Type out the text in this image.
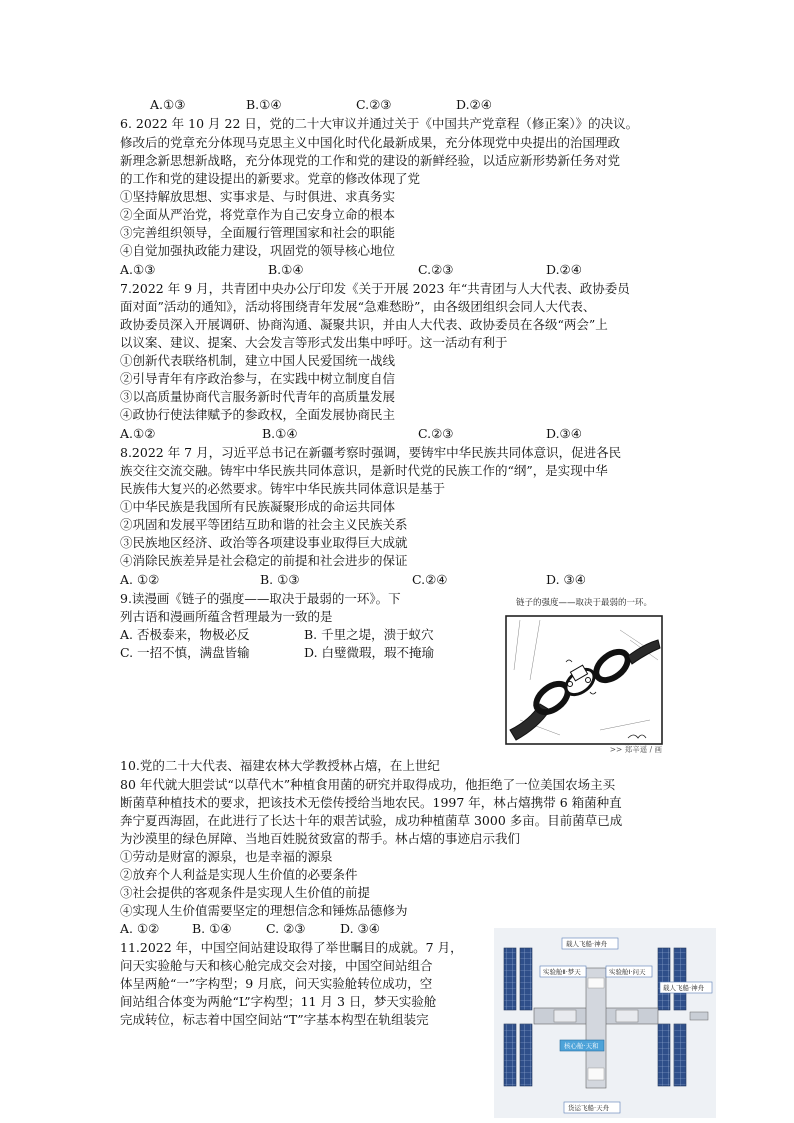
A.①③	B.①④	C.②③	D.②④
6. 2022 年 10 月 22 日，党的二十大审议并通过关于《中国共产党章程（修正案）》的决议。
修改后的党章充分体现马克思主义中国化时代化最新成果，充分体现党中央提出的治国理政
新理念新思想新战略，充分体现党的工作和党的建设的新鲜经验，以适应新形势新任务对党
的工作和党的建设提出的新要求。党章的修改体现了党
①坚持解放思想、实事求是、与时俱进、求真务实
②全面从严治党，将党章作为自己安身立命的根本
③完善组织领导，全面履行管理国家和社会的职能
④自觉加强执政能力建设，巩固党的领导核心地位
A.①③	B.①④	C.②③	D.②④
7.2022 年 9 月，共青团中央办公厅印发《关于开展 2023 年“共青团与人大代表、政协委员
面对面”活动的通知》，活动将围绕青年发展“急难愁盼”，由各级团组织会同人大代表、
政协委员深入开展调研、协商沟通、凝聚共识，并由人大代表、政协委员在各级“两会”上
以议案、建议、提案、大会发言等形式发出集中呼吁。这一活动有利于
①创新代表联络机制，建立中国人民爱国统一战线
②引导青年有序政治参与，在实践中树立制度自信
③以高质量协商代言服务新时代青年的高质量发展
④政协行使法律赋予的参政权，全面发展协商民主
A.①②	B.①④	C.②③	D.③④
8.2022 年 7 月，习近平总书记在新疆考察时强调，要铸牢中华民族共同体意识，促进各民
族交往交流交融。铸牢中华民族共同体意识，是新时代党的民族工作的“纲”，是实现中华
民族伟大复兴的必然要求。铸牢中华民族共同体意识是基于
①中华民族是我国所有民族凝聚形成的命运共同体
②巩固和发展平等团结互助和谐的社会主义民族关系
③民族地区经济、政治等各项建设事业取得巨大成就
④消除民族差异是社会稳定的前提和社会进步的保证
A. ①②	B. ①③	C.②④	D. ③④
9.读漫画《链子的强度——取决于最弱的一环》。下
列古语和漫画所蕴含哲理最为一致的是
A. 否极泰来，物极必反	B. 千里之堤，溃于蚁穴
C. 一招不慎，满盘皆输	D. 白璧微瑕，瑕不掩瑜
链子的强度——取决于最弱的一环。
>> 郑辛遥 / 画
10.党的二十大代表、福建农林大学教授林占熺，在上世纪
80 年代就大胆尝试“以草代木”种植食用菌的研究并取得成功，他拒绝了一位美国农场主买
断菌草种植技术的要求，把该技术无偿传授给当地农民。1997 年，林占熺携带 6 箱菌种直
奔宁夏西海固，在此进行了长达十年的艰苦试验，成功种植菌草 3000 多亩。目前菌草已成
为沙漠里的绿色屏障、当地百姓脱贫致富的帮手。林占熺的事迹启示我们
①劳动是财富的源泉，也是幸福的源泉
②放弃个人利益是实现人生价值的必要条件
③社会提供的客观条件是实现人生价值的前提
④实现人生价值需要坚定的理想信念和锤炼品德修为
A. ①②	B. ①④	C. ②③	D. ③④
11.2022 年，中国空间站建设取得了举世瞩目的成就。7 月，
问天实验舱与天和核心舱完成交会对接，中国空间站组合
体呈两舱“一”字构型；9 月底，问天实验舱转位成功，空
间站组合体变为两舱“L”字构型；11 月 3 日，梦天实验舱
完成转位，标志着中国空间站“T”字基本构型在轨组装完
载人飞船·神舟
实验舱Ⅱ·梦天	实验舱Ⅰ·问天
载人飞船·神舟
核心舱·天和
货运飞船·天舟
